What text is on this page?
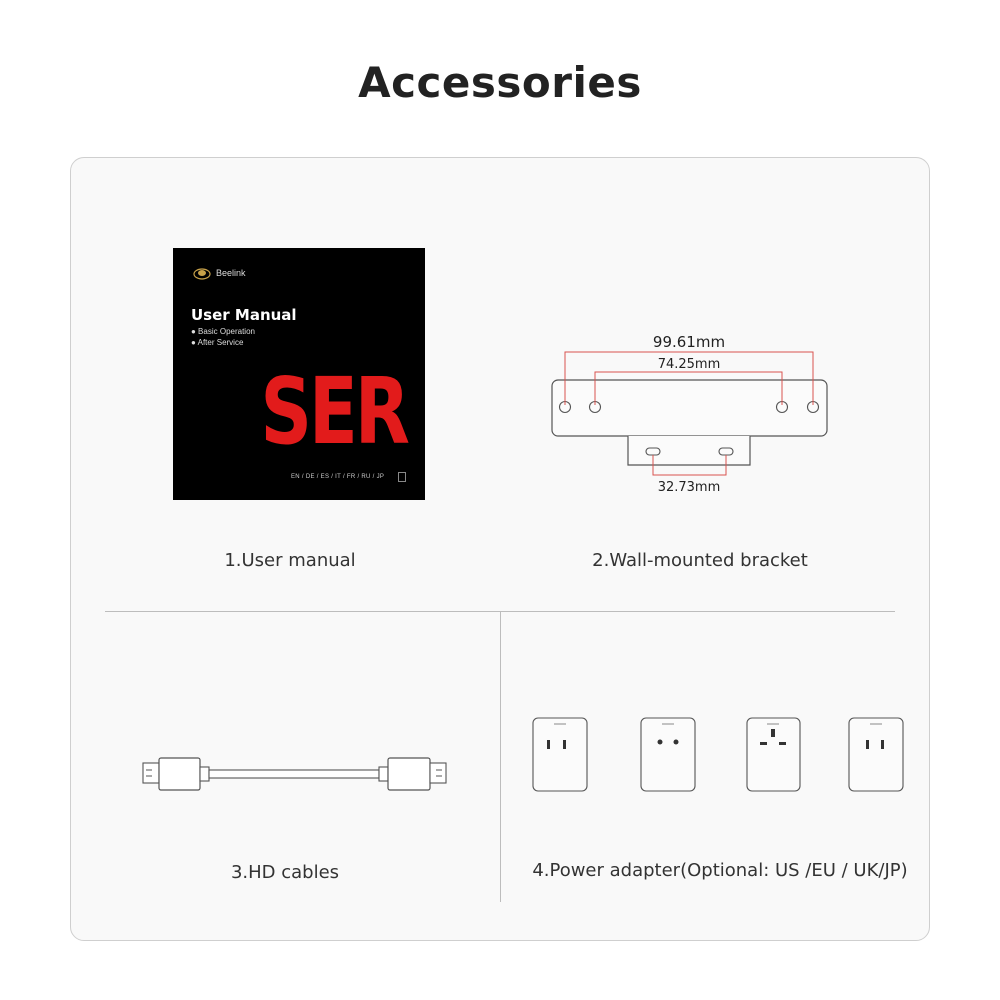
Accessories
Beelink
User Manual
● Basic Operation
● After Service
SER
EN / DE / ES / IT / FR / RU / JP
1.User manual
99.61mm
74.25mm
32.73mm
2.Wall-mounted bracket
3.HD cables	4.Power adapter(Optional: US /EU / UK/JP)
